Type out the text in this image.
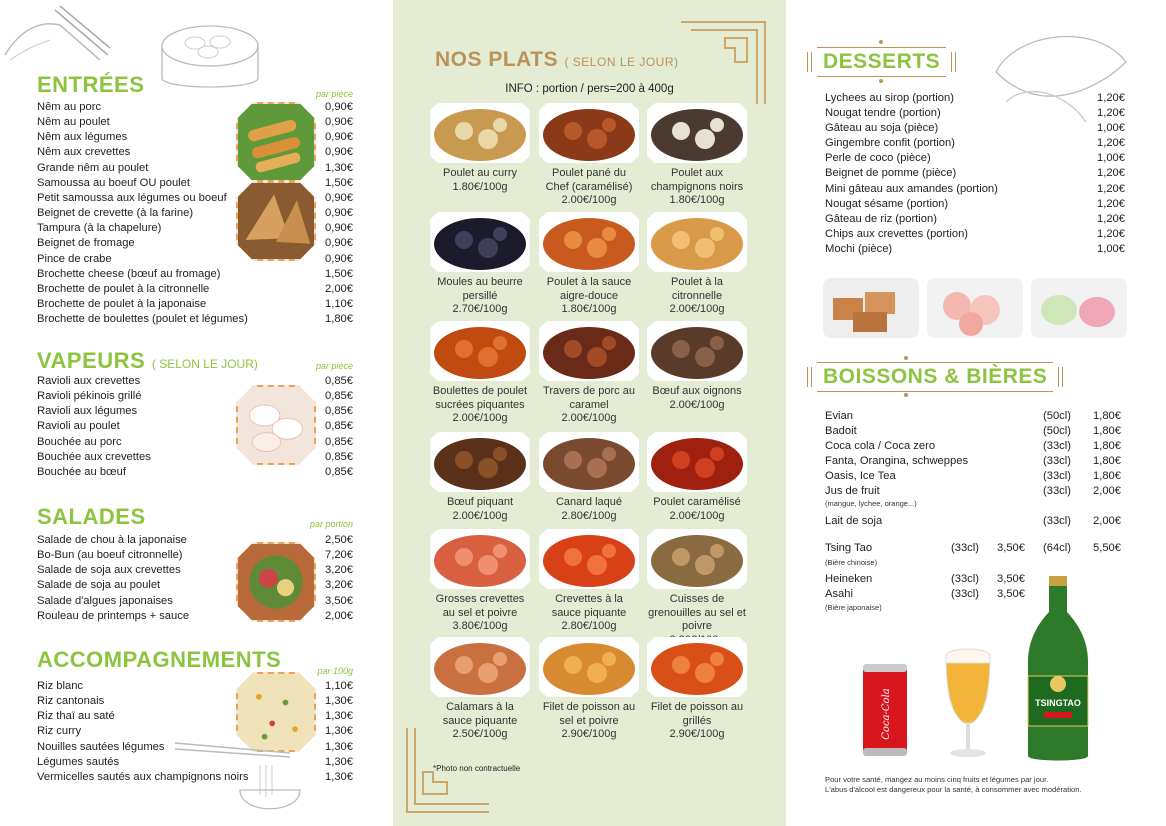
ENTRÉES	par pièce
Nêm au porc	0,90€
Nêm au poulet	0,90€
Nêm aux légumes	0,90€
Nêm aux crevettes	0,90€
Grande nêm au poulet	1,30€
Samoussa au boeuf OU poulet	1,50€
Petit samoussa aux légumes ou boeuf	0,90€
Beignet de crevette (à la farine)	0,90€
Tampura (à la chapelure)	0,90€
Beignet de fromage	0,90€
Pince de crabe	0,90€
Brochette cheese (bœuf au fromage)	1,50€
Brochette de poulet à la citronnelle	2,00€
Brochette de poulet à la japonaise	1,10€
Brochette de boulettes (poulet et légumes)	1,80€
VAPEURS ( SELON LE JOUR)	par pièce
Ravioli aux crevettes	0,85€
Ravioli pékinois grillé	0,85€
Ravioli aux légumes	0,85€
Ravioli au poulet	0,85€
Bouchée au porc	0,85€
Bouchée aux crevettes	0,85€
Bouchée au bœuf	0,85€
SALADES	par portion
Salade de chou à la japonaise	2,50€
Bo-Bun (au boeuf citronnelle)	7,20€
Salade de soja aux crevettes	3,20€
Salade de soja au poulet	3,20€
Salade d'algues japonaises	3,50€
Rouleau de printemps + sauce	2,00€
ACCOMPAGNEMENTS	par 100g
Riz blanc	1,10€
Riz cantonais	1,30€
Riz thaï au saté	1,30€
Riz curry	1,30€
Nouilles sautées légumes	1,30€
Légumes sautés	1,30€
Vermicelles sautés aux champignons noirs	1,30€
NOS PLATS ( SELON LE JOUR)
INFO : portion / pers=200 à 400g
Poulet au curry
1.80€/100g
Poulet pané du Chef (caramélisé)
2.00€/100g
Poulet aux champignons noirs
1.80€/100g
Moules au beurre persillé
2.70€/100g
Poulet à la sauce aigre-douce
1.80€/100g
Poulet à la citronnelle
2.00€/100g
Boulettes de poulet sucrées piquantes
2.00€/100g
Travers de porc au caramel
2.00€/100g
Bœuf aux oignons
2.00€/100g
Bœuf piquant
2.00€/100g
Canard laqué
2.80€/100g
Poulet caramélisé
2.00€/100g
Grosses crevettes au sel et poivre
3.80€/100g
Crevettes à la sauce piquante
2.80€/100g
Cuisses de grenouilles au sel et poivre
Calamars à la sauce piquante
2.50€/100g
Filet de poisson au sel et poivre
2.90€/100g
Filet de poisson au grillés
2.90€/100g
*Photo non contractuelle
DESSERTS
Lychees au sirop (portion)	1,20€
Nougat tendre (portion)	1,20€
Gâteau au soja (pièce)	1,00€
Gingembre confit (portion)	1,20€
Perle de coco (pièce)	1,00€
Beignet de pomme (pièce)	1,20€
Mini gâteau aux amandes (portion)	1,20€
Nougat sésame (portion)	1,20€
Gâteau de riz (portion)	1,20€
Chips aux crevettes (portion)	1,20€
Mochi (pièce)	1,00€
BOISSONS & BIÈRES
Evian	(50cl) 1,80€
Badoit	(50cl) 1,80€
Coca cola / Coca zero	(33cl) 1,80€
Fanta, Orangina, schweppes	(33cl) 1,80€
Oasis, Ice Tea	(33cl) 1,80€
Jus de fruit	(33cl) 2,00€
(mangue, lychee, orange...)
Lait de soja	(33cl) 2,00€
Tsing Tao	(33cl) 3,50€ (64cl) 5,50€
(Bière chinoise)
Heineken	(33cl) 3,50€
Asahi	(33cl) 3,50€
(Bière japonaise)
Coca-Cola	TSINGTAO
Pour votre santé, mangez au moins cinq fruits et légumes par jour.
L'abus d'alcool est dangereux pour la santé, à consommer avec modération.
